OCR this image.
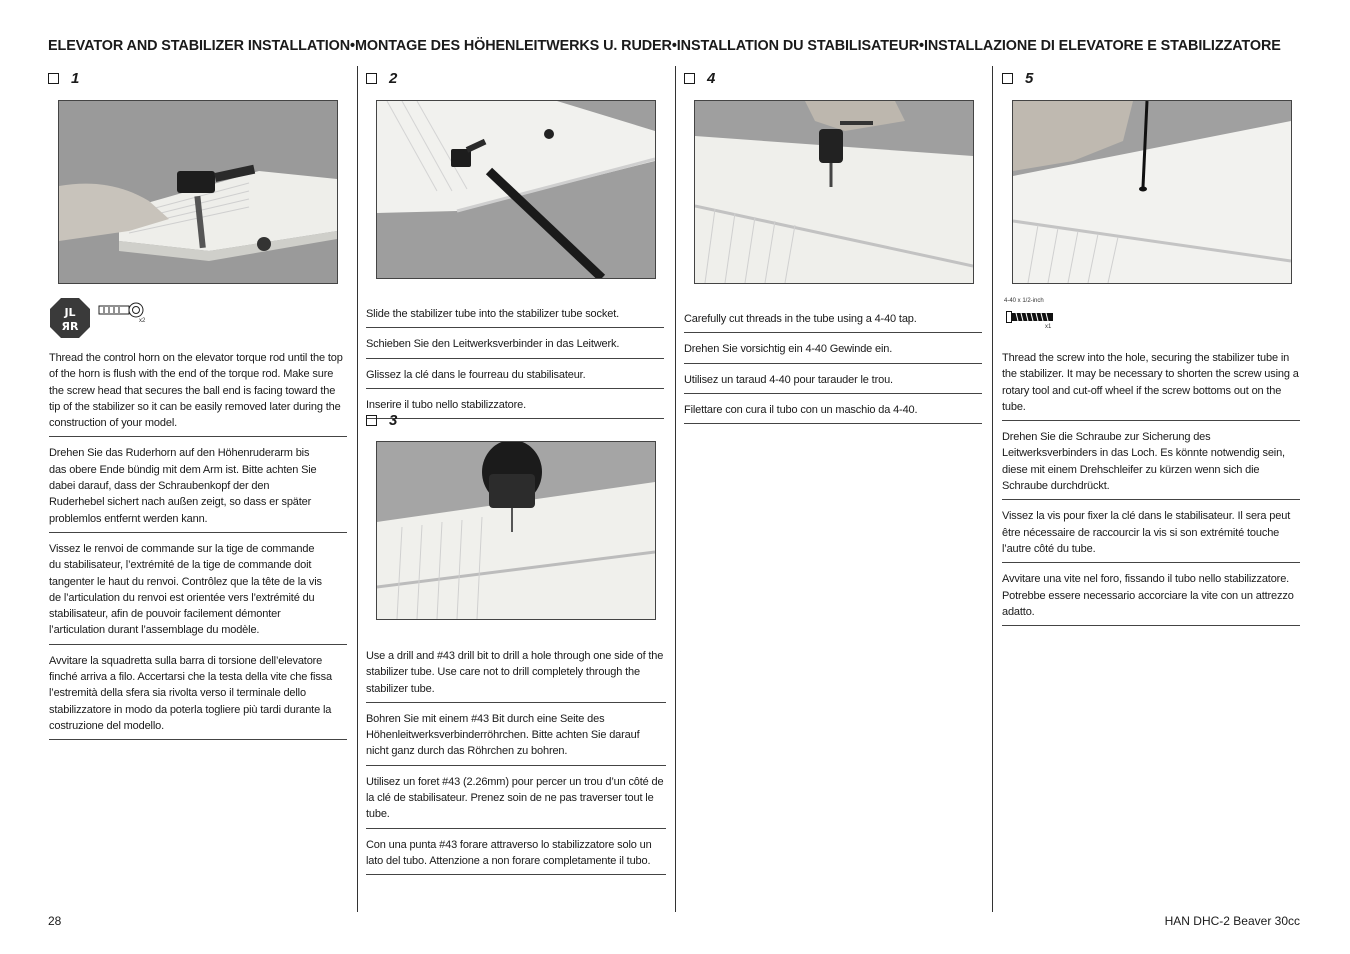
ELEVATOR AND STABILIZER INSTALLATION•MONTAGE DES HÖHENLEITWERKS U. RUDER•INSTALLATION DU STABILISATEUR•INSTALLAZIONE DI ELEVATORE E STABILIZZATORE
1
JL
ЯR	x2
Thread the control horn on the elevator torque rod until the top of the horn is flush with the end of the torque rod. Make sure the screw head that secures the ball end is facing toward the tip of the stabilizer so it can be easily removed later during the construction of your model.
Drehen Sie das Ruderhorn auf den Höhenruderarm bis das obere Ende bündig mit dem Arm ist. Bitte achten Sie dabei darauf, dass der Schraubenkopf der den Ruderhebel sichert nach außen zeigt, so dass er später problemlos entfernt werden kann.
Vissez le renvoi de commande sur la tige de commande du stabilisateur, l’extrémité de la tige de commande doit tangenter le haut du renvoi. Contrôlez que la tête de la vis de l’articulation du renvoi est orientée vers l’extrémité du stabilisateur, afin de pouvoir facilement démonter l’articulation durant l’assemblage du modèle.
Avvitare la squadretta sulla barra di torsione dell’elevatore finché arriva a filo. Accertarsi che la testa della vite che fissa l’estremità della sfera sia rivolta verso il terminale dello stabilizzatore in modo da poterla togliere più tardi durante la costruzione del modello.
2
Slide the stabilizer tube into the stabilizer tube socket.
Schieben Sie den Leitwerksverbinder in das Leitwerk.
Glissez la clé dans le fourreau du stabilisateur.
Inserire il tubo nello stabilizzatore.
3
Use a drill and #43 drill bit to drill a hole through one side of the stabilizer tube. Use care not to drill completely through the stabilizer tube.
Bohren Sie mit einem #43 Bit durch eine Seite des Höhenleitwerksverbinderröhrchen. Bitte achten Sie darauf nicht ganz durch das Röhrchen zu bohren.
Utilisez un foret #43 (2.26mm) pour percer un trou d’un côté de la clé de stabilisateur. Prenez soin de ne pas traverser tout le tube.
Con una punta #43 forare attraverso lo stabilizzatore solo un lato del tubo. Attenzione a non forare completamente il tubo.
4
Carefully cut threads in the tube using a 4-40 tap.
Drehen Sie vorsichtig ein 4-40 Gewinde ein.
Utilisez un taraud 4-40 pour tarauder le trou.
Filettare con cura il tubo con un maschio da 4-40.
5
4-40 x 1/2-inch
x1
Thread the screw into the hole, securing the stabilizer tube in the stabilizer. It may be necessary to shorten the screw using a rotary tool and cut-off wheel if the screw bottoms out on the tube.
Drehen Sie die Schraube zur Sicherung des Leitwerksverbinders in das Loch. Es könnte notwendig sein, diese mit einem Drehschleifer zu kürzen wenn sich die Schraube durchdrückt.
Vissez la vis pour fixer la clé dans le stabilisateur. Il sera peut être nécessaire de raccourcir la vis si son extrémité touche l’autre côté du tube.
Avvitare una vite nel foro, fissando il tubo nello stabilizzatore. Potrebbe essere necessario accorciare la vite con un attrezzo adatto.
28	HAN DHC-2 Beaver 30cc
